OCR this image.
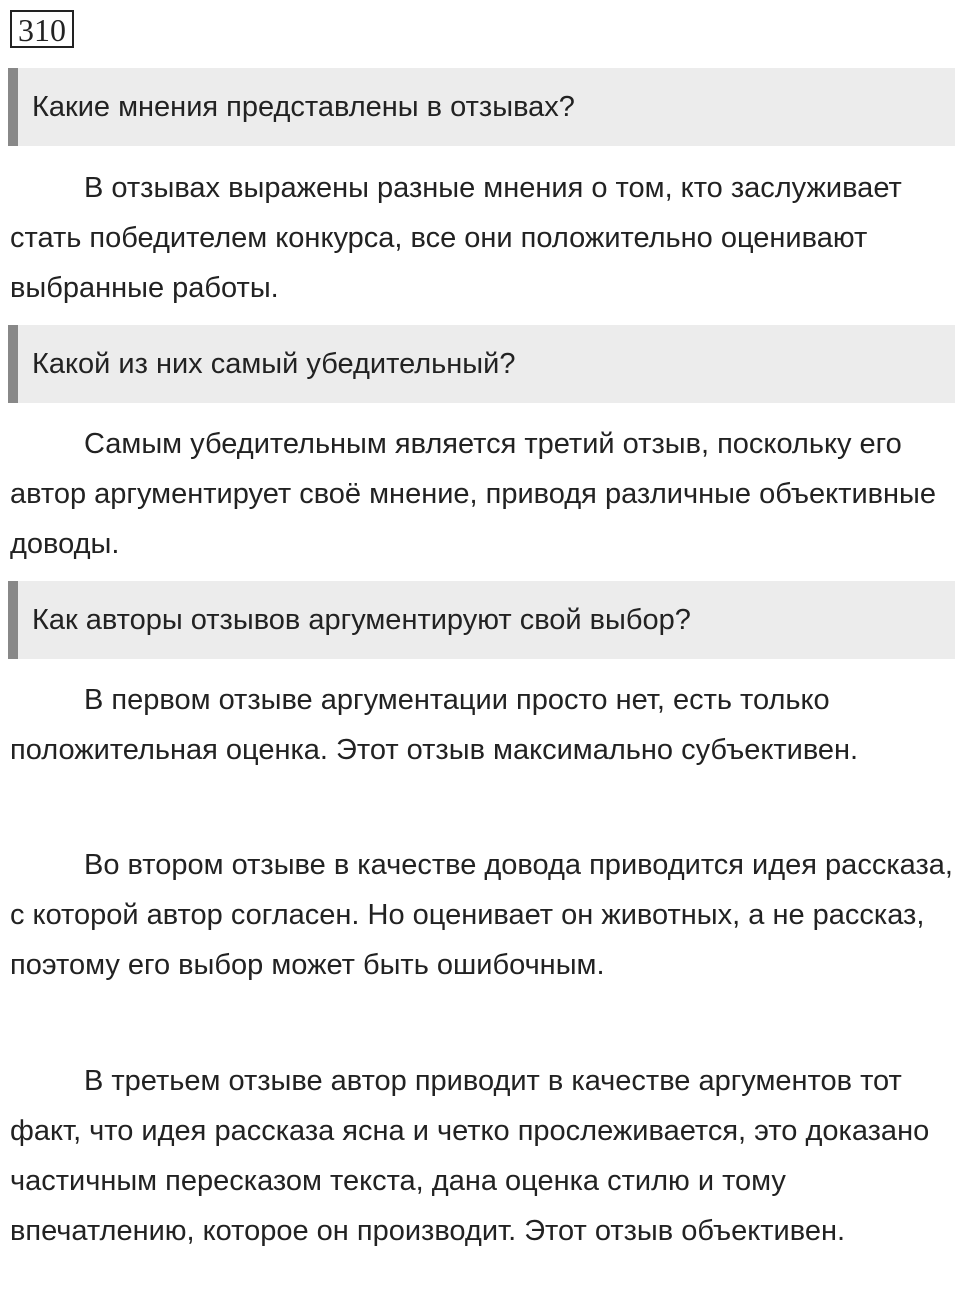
310
Какие мнения представлены в отзывах?

В отзывах выражены разные мнения о том, кто заслуживает стать победителем конкурса, все они положительно оценивают выбранные работы.

Какой из них самый убедительный?

Самым убедительным является третий отзыв, поскольку его автор аргументирует своё мнение, приводя различные объективные доводы.

Как авторы отзывов аргументируют свой выбор?

В первом отзыве аргументации просто нет, есть только положительная оценка. Этот отзыв максимально субъективен.

Во втором отзыве в качестве довода приводится идея рассказа, с которой автор согласен. Но оценивает он животных, а не рассказ, поэтому его выбор может быть ошибочным.

В третьем отзыве автор приводит в качестве аргументов тот факт, что идея рассказа ясна и четко прослеживается, это доказано частичным пересказом текста, дана оценка стилю и тому впечатлению, которое он производит. Этот отзыв объективен.
